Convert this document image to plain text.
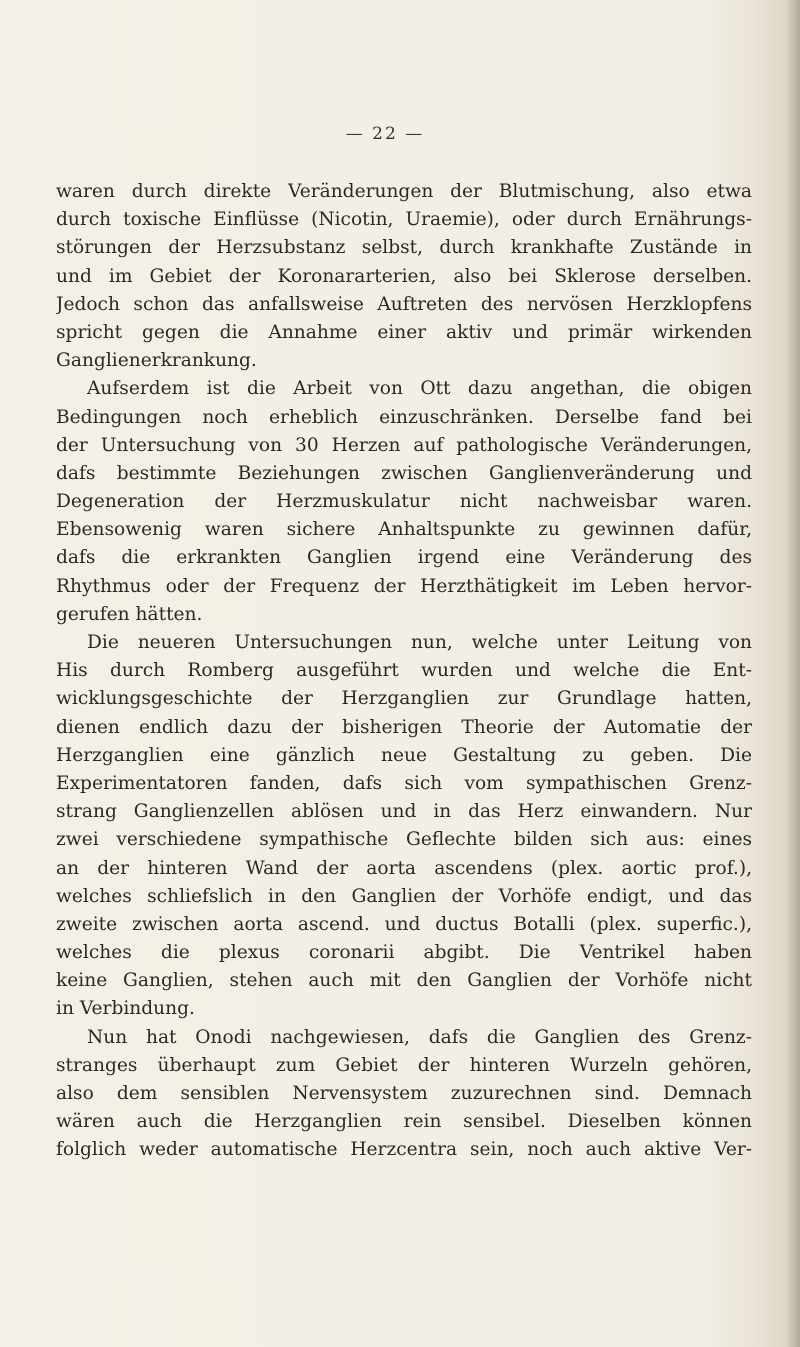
— 22 —
waren durch direkte Veränderungen der Blutmischung, also etwa
durch toxische Einflüsse (Nicotin, Uraemie), oder durch Ernährungs-
störungen der Herzsubstanz selbst, durch krankhafte Zustände in
und im Gebiet der Koronararterien, also bei Sklerose derselben.
Jedoch schon das anfallsweise Auftreten des nervösen Herzklopfens
spricht gegen die Annahme einer aktiv und primär wirkenden
Ganglienerkrankung.
Aufserdem ist die Arbeit von Ott dazu angethan, die obigen
Bedingungen noch erheblich einzuschränken. Derselbe fand bei
der Untersuchung von 30 Herzen auf pathologische Veränderungen,
dafs bestimmte Beziehungen zwischen Ganglienveränderung und
Degeneration der Herzmuskulatur nicht nachweisbar waren.
Ebensowenig waren sichere Anhaltspunkte zu gewinnen dafür,
dafs die erkrankten Ganglien irgend eine Veränderung des
Rhythmus oder der Frequenz der Herzthätigkeit im Leben hervor-
gerufen hätten.
Die neueren Untersuchungen nun, welche unter Leitung von
His durch Romberg ausgeführt wurden und welche die Ent-
wicklungsgeschichte der Herzganglien zur Grundlage hatten,
dienen endlich dazu der bisherigen Theorie der Automatie der
Herzganglien eine gänzlich neue Gestaltung zu geben. Die
Experimentatoren fanden, dafs sich vom sympathischen Grenz-
strang Ganglienzellen ablösen und in das Herz einwandern. Nur
zwei verschiedene sympathische Geflechte bilden sich aus: eines
an der hinteren Wand der aorta ascendens (plex. aortic prof.),
welches schliefslich in den Ganglien der Vorhöfe endigt, und das
zweite zwischen aorta ascend. und ductus Botalli (plex. superfic.),
welches die plexus coronarii abgibt. Die Ventrikel haben
keine Ganglien, stehen auch mit den Ganglien der Vorhöfe nicht
in Verbindung.
Nun hat Onodi nachgewiesen, dafs die Ganglien des Grenz-
stranges überhaupt zum Gebiet der hinteren Wurzeln gehören,
also dem sensiblen Nervensystem zuzurechnen sind. Demnach
wären auch die Herzganglien rein sensibel. Dieselben können
folglich weder automatische Herzcentra sein, noch auch aktive Ver-
